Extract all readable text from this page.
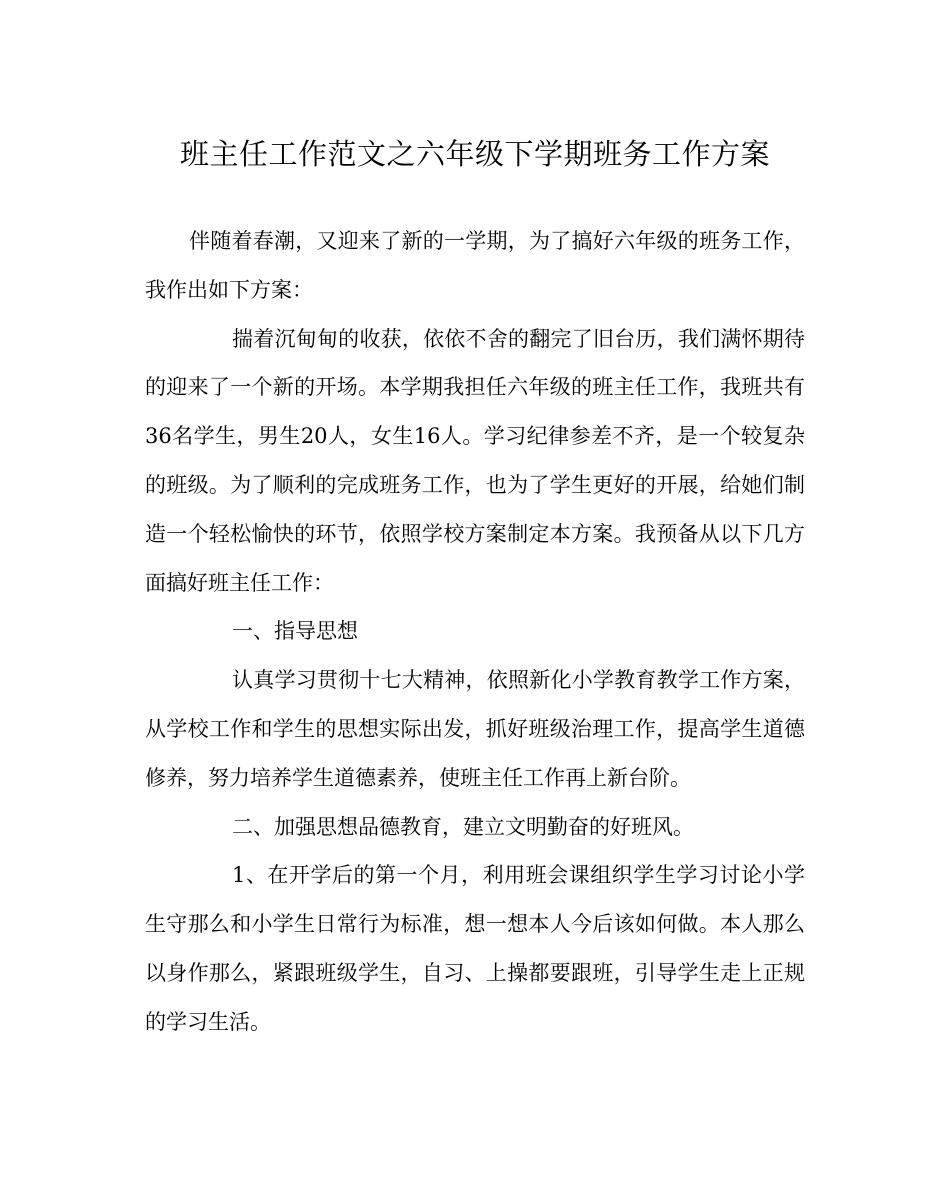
班主任工作范文之六年级下学期班务工作方案

伴随着春潮，又迎来了新的一学期，为了搞好六年级的班务工作，我作出如下方案：

揣着沉甸甸的收获，依依不舍的翻完了旧台历，我们满怀期待的迎来了一个新的开场。本学期我担任六年级的班主任工作，我班共有36名学生，男生20人，女生16人。学习纪律参差不齐，是一个较复杂的班级。为了顺利的完成班务工作，也为了学生更好的开展，给她们制造一个轻松愉快的环节，依照学校方案制定本方案。我预备从以下几方面搞好班主任工作：

一、指导思想

认真学习贯彻十七大精神，依照新化小学教育教学工作方案，从学校工作和学生的思想实际出发，抓好班级治理工作，提高学生道德修养，努力培养学生道德素养，使班主任工作再上新台阶。

二、加强思想品德教育，建立文明勤奋的好班风。

1、在开学后的第一个月，利用班会课组织学生学习讨论小学生守那么和小学生日常行为标准，想一想本人今后该如何做。本人那么以身作那么，紧跟班级学生，自习、上操都要跟班，引导学生走上正规的学习生活。
